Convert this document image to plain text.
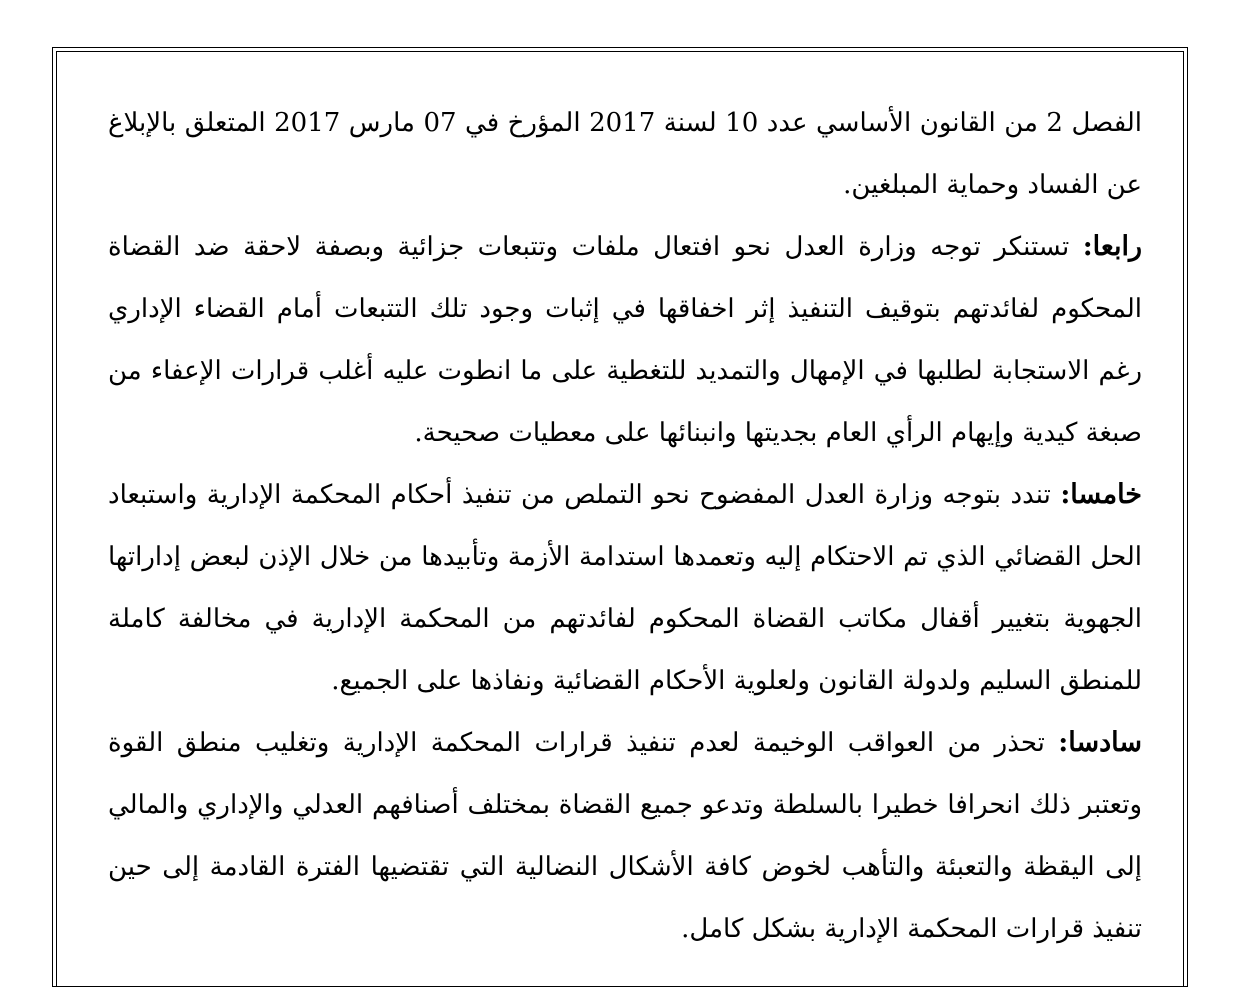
الفصل 2 من القانون الأساسي عدد 10 لسنة 2017 المؤرخ في 07 مارس 2017 المتعلق بالإبلاغ عن الفساد وحماية المبلغين.

رابعا: تستنكر توجه وزارة العدل نحو افتعال ملفات وتتبعات جزائية وبصفة لاحقة ضد القضاة المحكوم لفائدتهم بتوقيف التنفيذ إثر اخفاقها في إثبات وجود تلك التتبعات أمام القضاء الإداري رغم الاستجابة لطلبها في الإمهال والتمديد للتغطية على ما انطوت عليه أغلب قرارات الإعفاء من صبغة كيدية وإيهام الرأي العام بجديتها وانبنائها على معطيات صحيحة.

خامسا: تندد بتوجه وزارة العدل المفضوح نحو التملص من تنفيذ أحكام المحكمة الإدارية واستبعاد الحل القضائي الذي تم الاحتكام إليه وتعمدها استدامة الأزمة وتأبيدها من خلال الإذن لبعض إداراتها الجهوية بتغيير أقفال مكاتب القضاة المحكوم لفائدتهم من المحكمة الإدارية في مخالفة كاملة للمنطق السليم ولدولة القانون ولعلوية الأحكام القضائية ونفاذها على الجميع.

سادسا: تحذر من العواقب الوخيمة لعدم تنفيذ قرارات المحكمة الإدارية وتغليب منطق القوة وتعتبر ذلك انحرافا خطيرا بالسلطة وتدعو جميع القضاة بمختلف أصنافهم العدلي والإداري والمالي إلى اليقظة والتعبئة والتأهب لخوض كافة الأشكال النضالية التي تقتضيها الفترة القادمة إلى حين تنفيذ قرارات المحكمة الإدارية بشكل كامل.
